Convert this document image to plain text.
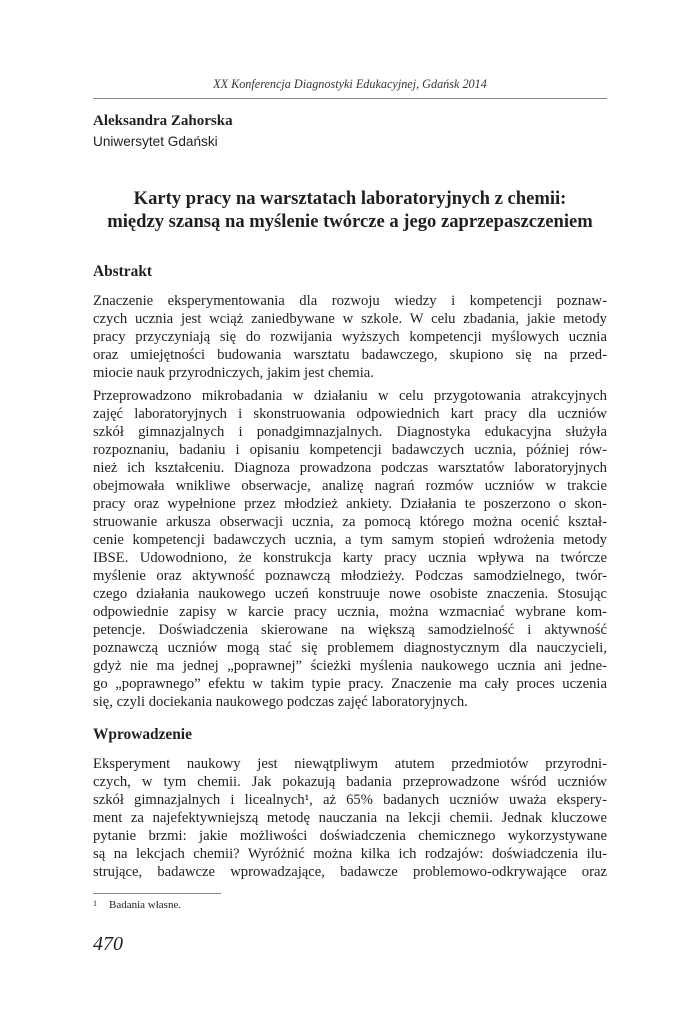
XX Konferencja Diagnostyki Edukacyjnej, Gdańsk 2014
Aleksandra Zahorska
Uniwersytet Gdański
Karty pracy na warsztatach laboratoryjnych z chemii:
między szansą na myślenie twórcze a jego zaprzepaszczeniem
Abstrakt
Znaczenie eksperymentowania dla rozwoju wiedzy i kompetencji poznaw-
czych ucznia jest wciąż zaniedbywane w szkole. W celu zbadania, jakie metody
pracy przyczyniają się do rozwijania wyższych kompetencji myślowych ucznia
oraz umiejętności budowania warsztatu badawczego, skupiono się na przed-
miocie nauk przyrodniczych, jakim jest chemia.
Przeprowadzono mikrobadania w działaniu w celu przygotowania atrakcyjnych
zajęć laboratoryjnych i skonstruowania odpowiednich kart pracy dla uczniów
szkół gimnazjalnych i ponadgimnazjalnych. Diagnostyka edukacyjna służyła
rozpoznaniu, badaniu i opisaniu kompetencji badawczych ucznia, później rów-
nież ich kształceniu. Diagnoza prowadzona podczas warsztatów laboratoryjnych
obejmowała wnikliwe obserwacje, analizę nagrań rozmów uczniów w trakcie
pracy oraz wypełnione przez młodzież ankiety. Działania te poszerzono o skon-
struowanie arkusza obserwacji ucznia, za pomocą którego można ocenić kształ-
cenie kompetencji badawczych ucznia, a tym samym stopień wdrożenia metody
IBSE. Udowodniono, że konstrukcja karty pracy ucznia wpływa na twórcze
myślenie oraz aktywność poznawczą młodzieży. Podczas samodzielnego, twór-
czego działania naukowego uczeń konstruuje nowe osobiste znaczenia. Stosując
odpowiednie zapisy w karcie pracy ucznia, można wzmacniać wybrane kom-
petencje. Doświadczenia skierowane na większą samodzielność i aktywność
poznawczą uczniów mogą stać się problemem diagnostycznym dla nauczycieli,
gdyż nie ma jednej „poprawnej” ścieżki myślenia naukowego ucznia ani jedne-
go „poprawnego” efektu w takim typie pracy. Znaczenie ma cały proces uczenia
się, czyli dociekania naukowego podczas zajęć laboratoryjnych.
Wprowadzenie
Eksperyment naukowy jest niewątpliwym atutem przedmiotów przyrodni-
czych, w tym chemii. Jak pokazują badania przeprowadzone wśród uczniów
szkół gimnazjalnych i licealnych¹, aż 65% badanych uczniów uważa ekspery-
ment za najefektywniejszą metodę nauczania na lekcji chemii. Jednak kluczowe
pytanie brzmi: jakie możliwości doświadczenia chemicznego wykorzystywane
są na lekcjach chemii? Wyróżnić można kilka ich rodzajów: doświadczenia ilu-
strujące, badawcze wprowadzające, badawcze problemowo-odkrywające oraz
$^1$ Badania własne.
470
